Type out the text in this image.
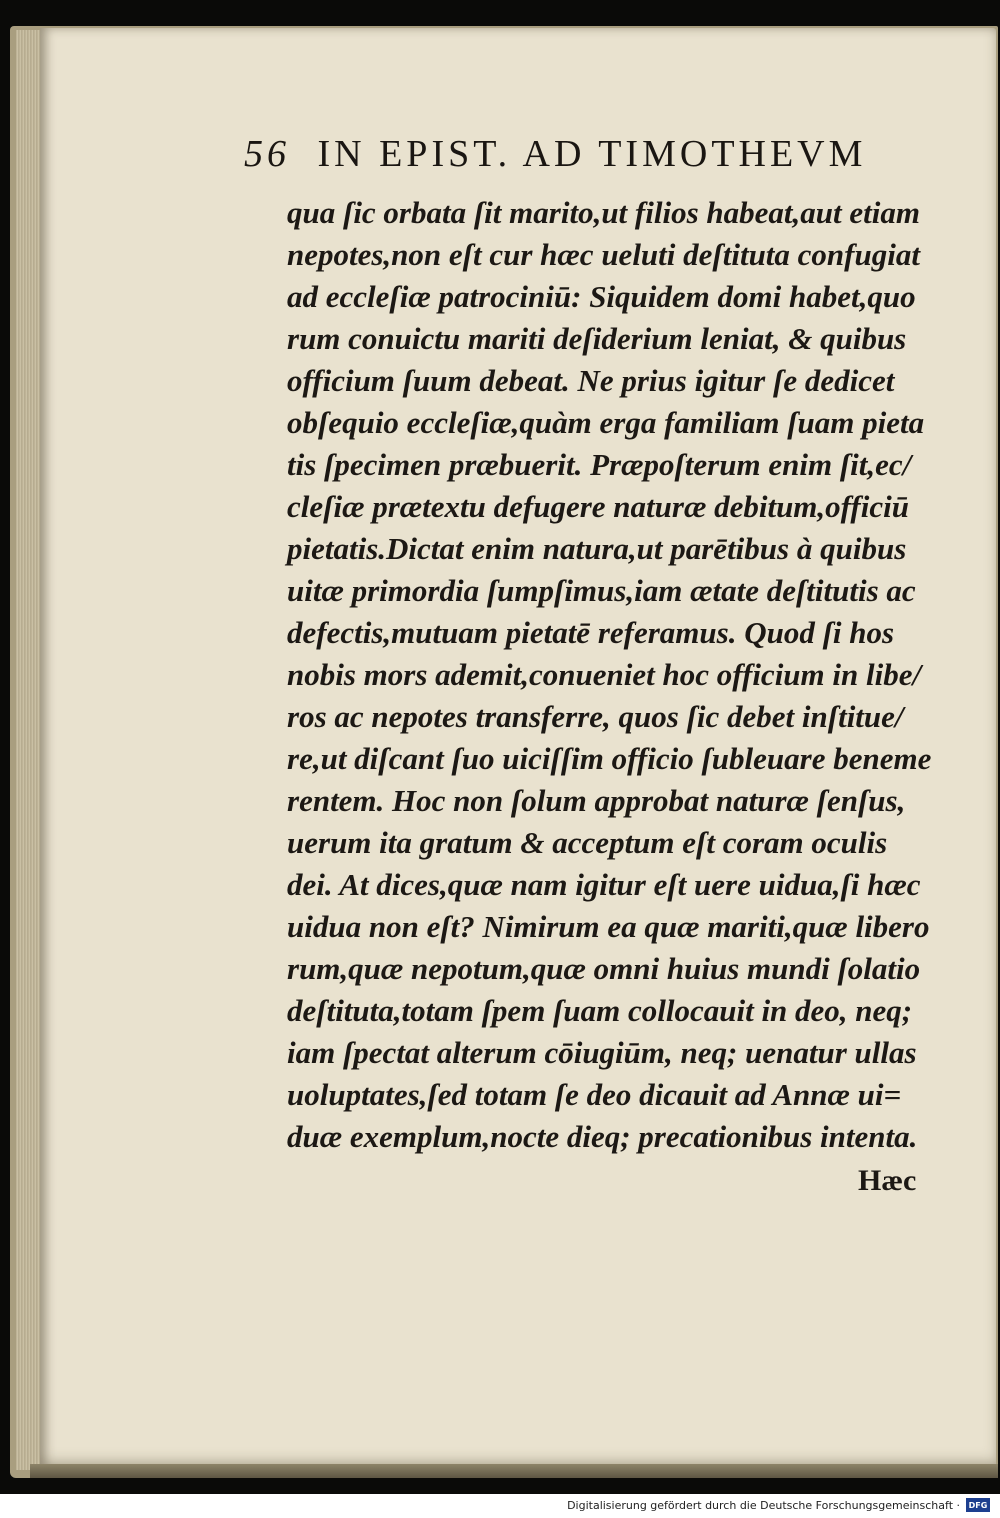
56 IN EPIST. AD TIMOTHEVM
qua ſic orbata ſit marito,ut filios habeat,aut etiam
nepotes,non eſt cur hæc ueluti deſtituta confugiat
ad eccleſiæ patrociniū: Siquidem domi habet,quo
rum conuictu mariti deſiderium leniat, & quibus
officium ſuum debeat. Ne prius igitur ſe dedicet
obſequio eccleſiæ,quàm erga familiam ſuam pieta
tis ſpecimen præbuerit. Præpoſterum enim ſit,ec/
cleſiæ prætextu defugere naturæ debitum,officiū
pietatis.Dictat enim natura,ut parētibus à quibus
uitæ primordia ſumpſimus,iam ætate deſtitutis ac
defectis,mutuam pietatē referamus. Quod ſi hos
nobis mors ademit,conueniet hoc officium in libe/
ros ac nepotes transferre, quos ſic debet inſtitue/
re,ut diſcant ſuo uiciſſim officio ſubleuare beneme
rentem. Hoc non ſolum approbat naturæ ſenſus,
uerum ita gratum & acceptum eſt coram oculis
dei. At dices,quæ nam igitur eſt uere uidua,ſi hæc
uidua non eſt? Nimirum ea quæ mariti,quæ libero
rum,quæ nepotum,quæ omni huius mundi ſolatio
deſtituta,totam ſpem ſuam collocauit in deo, neq;
iam ſpectat alterum cōiugiūm, neq; uenatur ullas
uoluptates,ſed totam ſe deo dicauit ad Annæ ui=
duæ exemplum,nocte dieq; precationibus intenta.
Hæc
Digitalisierung gefördert durch die Deutsche Forschungsgemeinschaft ·	DFG
